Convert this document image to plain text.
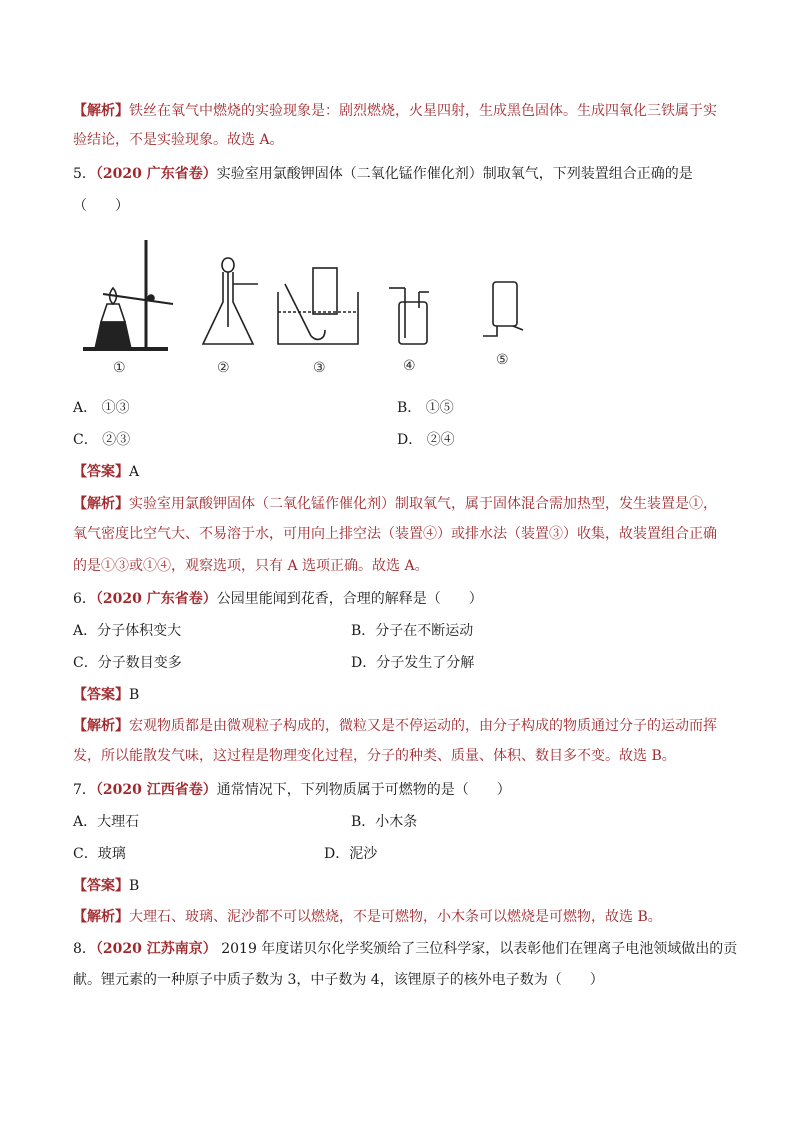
【解析】铁丝在氧气中燃烧的实验现象是：剧烈燃烧，火星四射，生成黑色固体。生成四氧化三铁属于实
验结论，不是实验现象。故选 A。
5．（2020 广东省卷）实验室用氯酸钾固体（二氧化锰作催化剂）制取氧气，下列装置组合正确的是
（　　）
①	②	③	④	⑤
A． ①③	B． ①⑤
C． ②③	D． ②④
【答案】A
【解析】实验室用氯酸钾固体（二氧化锰作催化剂）制取氧气，属于固体混合需加热型，发生装置是①，
氧气密度比空气大、不易溶于水，可用向上排空法（装置④）或排水法（装置③）收集，故装置组合正确
的是①③或①④，观察选项，只有 A 选项正确。故选 A。
6．（2020 广东省卷）公园里能闻到花香，合理的解释是（　　）
A．分子体积变大	B．分子在不断运动
C．分子数目变多	D．分子发生了分解
【答案】B
【解析】宏观物质都是由微观粒子构成的，微粒又是不停运动的，由分子构成的物质通过分子的运动而挥
发，所以能散发气味，这过程是物理变化过程，分子的种类、质量、体积、数目多不变。故选 B。
7．（2020 江西省卷）通常情况下，下列物质属于可燃物的是（　　）
A．大理石	B．小木条
C．玻璃	D．泥沙
【答案】B
【解析】大理石、玻璃、泥沙都不可以燃烧，不是可燃物，小木条可以燃烧是可燃物，故选 B。
8．（2020 江苏南京） 2019 年度诺贝尔化学奖颁给了三位科学家，以表彰他们在锂离子电池领域做出的贡
献。锂元素的一种原子中质子数为 3，中子数为 4，该锂原子的核外电子数为（　　）
